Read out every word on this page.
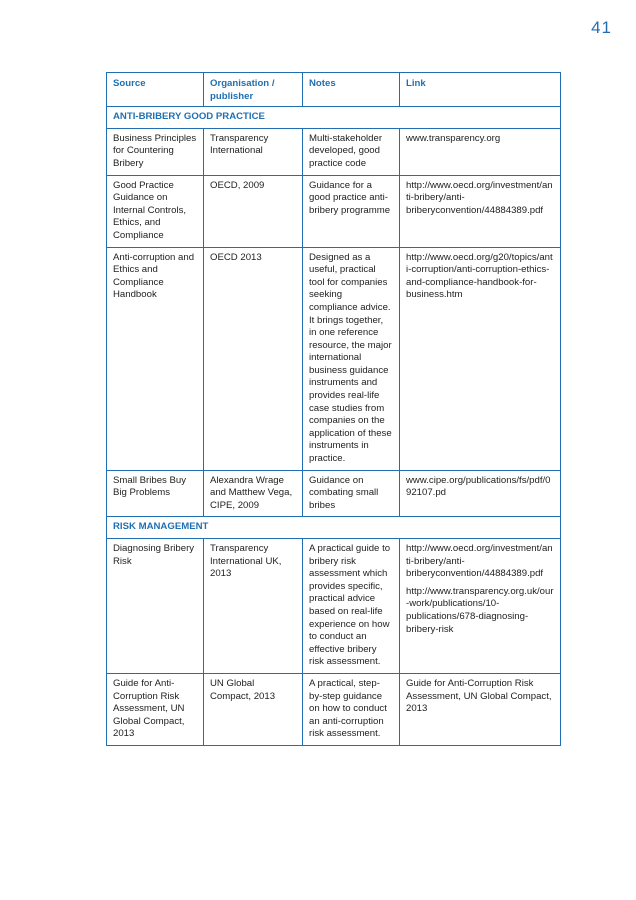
41
Source	Organisation / publisher	Notes	Link
ANTI-BRIBERY GOOD PRACTICE			
Business Principles for Countering Bribery	Transparency International	Multi-stakeholder developed, good practice code	www.transparency.org

Good Practice Guidance on Internal Controls, Ethics, and Compliance	OECD, 2009	Guidance for a good practice anti-bribery programme	http://www.oecd.org/investment/anti-bribery/anti-briberyconvention/44884389.pdf

Anti-corruption and Ethics and Compliance Handbook	OECD 2013	Designed as a useful, practical tool for companies seeking compliance advice. It brings together, in one reference resource, the major international business guidance instruments and provides real-life case studies from companies on the application of these instruments in practice.	http://www.oecd.org/g20/topics/anti-corruption/anti-corruption-ethics-and-compliance-handbook-for-business.htm

Small Bribes Buy Big Problems	Alexandra Wrage and Matthew Vega, CIPE, 2009	Guidance on combating small bribes	www.cipe.org/publications/fs/pdf/092107.pd

RISK MANAGEMENT			
Diagnosing Bribery Risk	Transparency International UK, 2013	A practical guide to bribery risk assessment which provides specific, practical advice based on real-life experience on how to conduct an effective bribery risk assessment.	http://www.oecd.org/investment/anti-bribery/anti-briberyconvention/44884389.pdf
http://www.transparency.org.uk/our-work/publications/10-publications/678-diagnosing-bribery-risk

Guide for Anti-Corruption Risk Assessment, UN Global Compact, 2013	UN Global Compact, 2013	A practical, step-by-step guidance on how to conduct an anti-corruption risk assessment.	Guide for Anti-Corruption Risk Assessment, UN Global Compact, 2013
